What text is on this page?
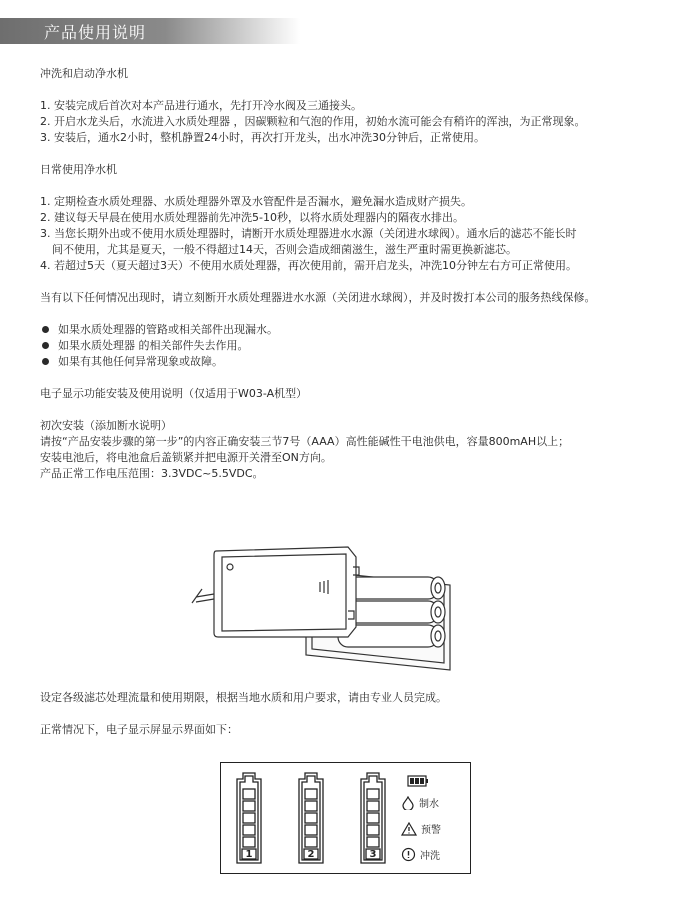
产品使用说明

冲洗和启动净水机

1. 安装完成后首次对本产品进行通水，先打开冷水阀及三通接头。

2. 开启水龙头后，水流进入水质处理器 ，因碳颗粒和气泡的作用，初始水流可能会有稍许的浑浊，为正常现象。

3. 安装后，通水2小时，整机静置24小时，再次打开龙头，出水冲洗30分钟后，正常使用。

日常使用净水机

1. 定期检查水质处理器、水质处理器外罩及水管配件是否漏水，避免漏水造成财产损失。

2. 建议每天早晨在使用水质处理器前先冲洗5-10秒，以将水质处理器内的隔夜水排出。

3. 当您长期外出或不使用水质处理器时，请断开水质处理器进水水源（关闭进水球阀）。通水后的滤芯不能长时

间不使用，尤其是夏天，一般不得超过14天，否则会造成细菌滋生，滋生严重时需更换新滤芯。

4. 若超过5天（夏天超过3天）不使用水质处理器，再次使用前，需开启龙头，冲洗10分钟左右方可正常使用。

当有以下任何情况出现时，请立刻断开水质处理器进水水源（关闭进水球阀），并及时拨打本公司的服务热线保修。

如果水质处理器的管路或相关部件出现漏水。

如果水质处理器 的相关部件失去作用。

如果有其他任何异常现象或故障。

电子显示功能安装及使用说明（仅适用于W03-A机型）

初次安装（添加断水说明）

请按“产品安装步骤的第一步”的内容正确安装三节7号（AAA）高性能碱性干电池供电，容量800mAH以上；

安装电池后，将电池盒后盖锁紧并把电源开关滑至ON方向。

产品正常工作电压范围：3.3VDC~5.5VDC。

设定各级滤芯处理流量和使用期限，根据当地水质和用户要求，请由专业人员完成。

正常情况下，电子显示屏显示界面如下：

1	2	3
制水
预警
冲洗
